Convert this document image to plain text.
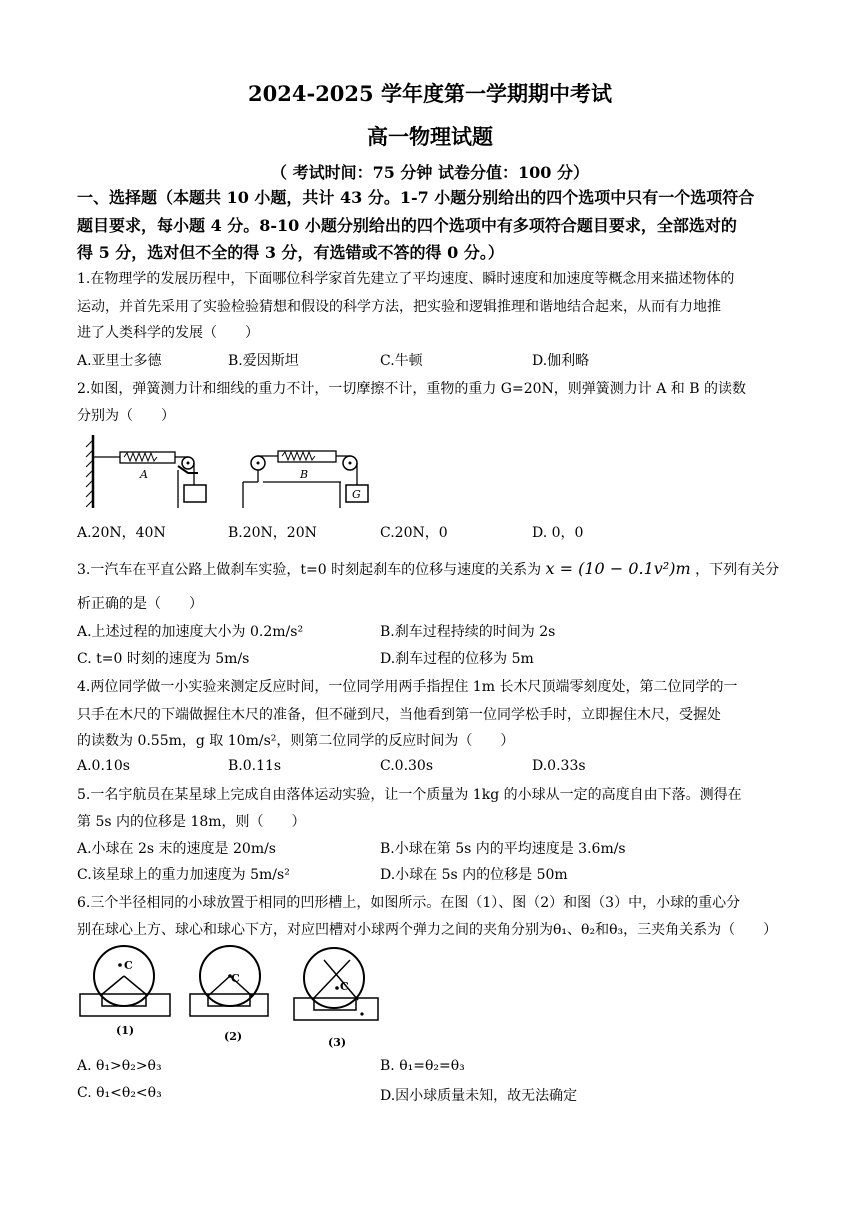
2024-2025 学年度第一学期期中考试
高一物理试题
（ 考试时间：75 分钟 试卷分值：100 分）
一、选择题（本题共 10 小题，共计 43 分。1-7 小题分别给出的四个选项中只有一个选项符合
题目要求，每小题 4 分。8-10 小题分别给出的四个选项中有多项符合题目要求，全部选对的
得 5 分，选对但不全的得 3 分，有选错或不答的得 0 分。）
1.在物理学的发展历程中，下面哪位科学家首先建立了平均速度、瞬时速度和加速度等概念用来描述物体的
运动，并首先采用了实验检验猜想和假设的科学方法，把实验和逻辑推理和谐地结合起来，从而有力地推
进了人类科学的发展（　　）
A.亚里士多德	B.爱因斯坦	C.牛顿	D.伽利略
2.如图，弹簧测力计和细线的重力不计，一切摩擦不计，重物的重力 G=20N，则弹簧测力计 A 和 B 的读数
分别为（　　）
A	B
G
A.20N，40N	B.20N，20N	C.20N，0	D. 0，0
3.一汽车在平直公路上做刹车实验，t=0 时刻起刹车的位移与速度的关系为 x = (10 − 0.1v²)m ，下列有关分
析正确的是（　　）
A.上述过程的加速度大小为 0.2m/s²	B.刹车过程持续的时间为 2s
C. t=0 时刻的速度为 5m/s	D.刹车过程的位移为 5m
4.两位同学做一小实验来测定反应时间，一位同学用两手指捏住 1m 长木尺顶端零刻度处，第二位同学的一
只手在木尺的下端做握住木尺的准备，但不碰到尺，当他看到第一位同学松手时，立即握住木尺，受握处
的读数为 0.55m，g 取 10m/s²，则第二位同学的反应时间为（　　）
A.0.10s	B.0.11s	C.0.30s	D.0.33s
5.一名宇航员在某星球上完成自由落体运动实验，让一个质量为 1kg 的小球从一定的高度自由下落。测得在
第 5s 内的位移是 18m，则（　　）
A.小球在 2s 末的速度是 20m/s	B.小球在第 5s 内的平均速度是 3.6m/s
C.该星球上的重力加速度为 5m/s²	D.小球在 5s 内的位移是 50m
6.三个半径相同的小球放置于相同的凹形槽上，如图所示。在图（1）、图（2）和图（3）中，小球的重心分
别在球心上方、球心和球心下方，对应凹槽对小球两个弹力之间的夹角分别为θ₁、θ₂和θ₃，三夹角关系为（　　）
C
(1)
C
(2)
C
(3)
A. θ₁>θ₂>θ₃	B. θ₁=θ₂=θ₃
C. θ₁<θ₂<θ₃	D.因小球质量未知，故无法确定
